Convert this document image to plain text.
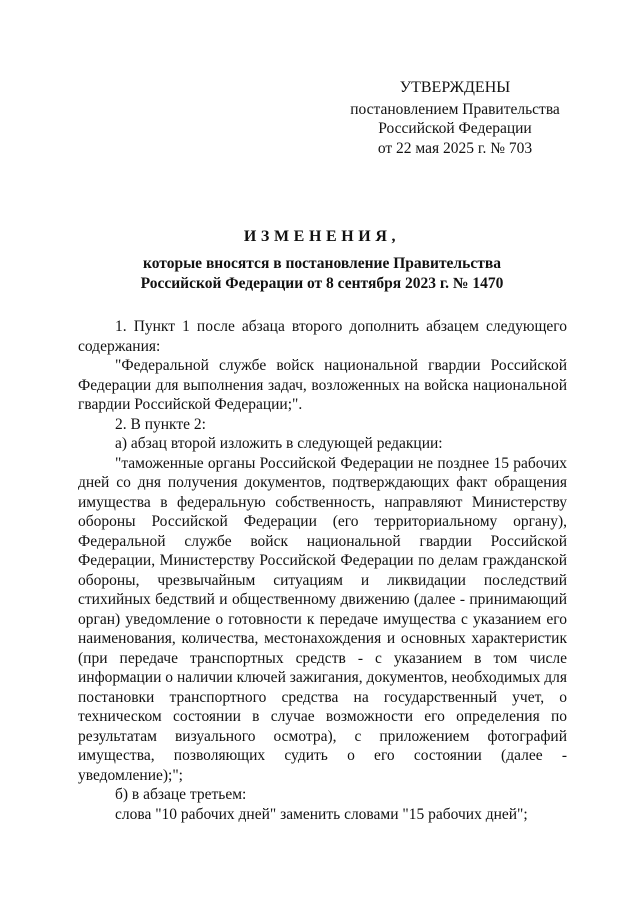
УТВЕРЖДЕНЫ
постановлением Правительства
Российской Федерации
от 22 мая 2025 г. № 703
ИЗМЕНЕНИЯ,
которые вносятся в постановление Правительства
Российской Федерации от 8 сентября 2023 г. № 1470

1. Пункт 1 после абзаца второго дополнить абзацем следующего содержания:

"Федеральной службе войск национальной гвардии Российской Федерации для выполнения задач, возложенных на войска национальной гвардии Российской Федерации;".

2. В пункте 2:

а) абзац второй изложить в следующей редакции:

"таможенные органы Российской Федерации не позднее 15 рабочих дней со дня получения документов, подтверждающих факт обращения имущества в федеральную собственность, направляют Министерству обороны Российской Федерации (его территориальному органу), Федеральной службе войск национальной гвардии Российской Федерации, Министерству Российской Федерации по делам гражданской обороны, чрезвычайным ситуациям и ликвидации последствий стихийных бедствий и общественному движению (далее - принимающий орган) уведомление о готовности к передаче имущества с указанием его наименования, количества, местонахождения и основных характеристик (при передаче транспортных средств - с указанием в том числе информации о наличии ключей зажигания, документов, необходимых для постановки транспортного средства на государственный учет, о техническом состоянии в случае возможности его определения по результатам визуального осмотра), с приложением фотографий имущества, позволяющих судить о его состоянии (далее - уведомление);";

б) в абзаце третьем:

слова "10 рабочих дней" заменить словами "15 рабочих дней";
